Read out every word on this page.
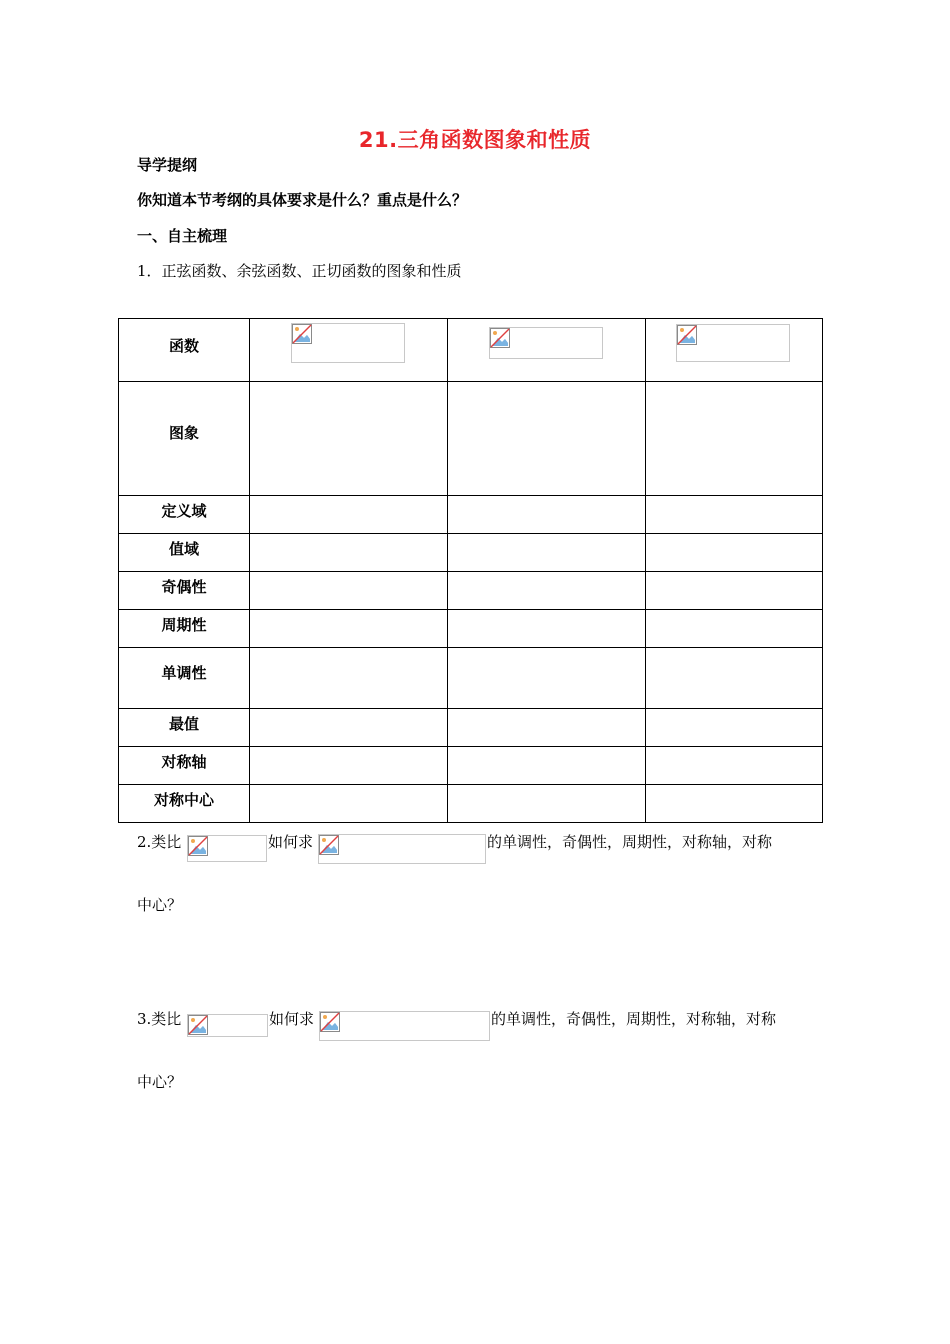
21.三角函数图象和性质
导学提纲
你知道本节考纲的具体要求是什么？重点是什么？
一、自主梳理
1．正弦函数、余弦函数、正切函数的图象和性质
函数	

图象			
定义域			
值域			
奇偶性			
周期性			
单调性			
最值			
对称轴			
对称中心			
2.类比	如何求	的单调性，奇偶性，周期性，对称轴，对称
中心？
3.类比	如何求	的单调性，奇偶性，周期性，对称轴，对称
中心？
